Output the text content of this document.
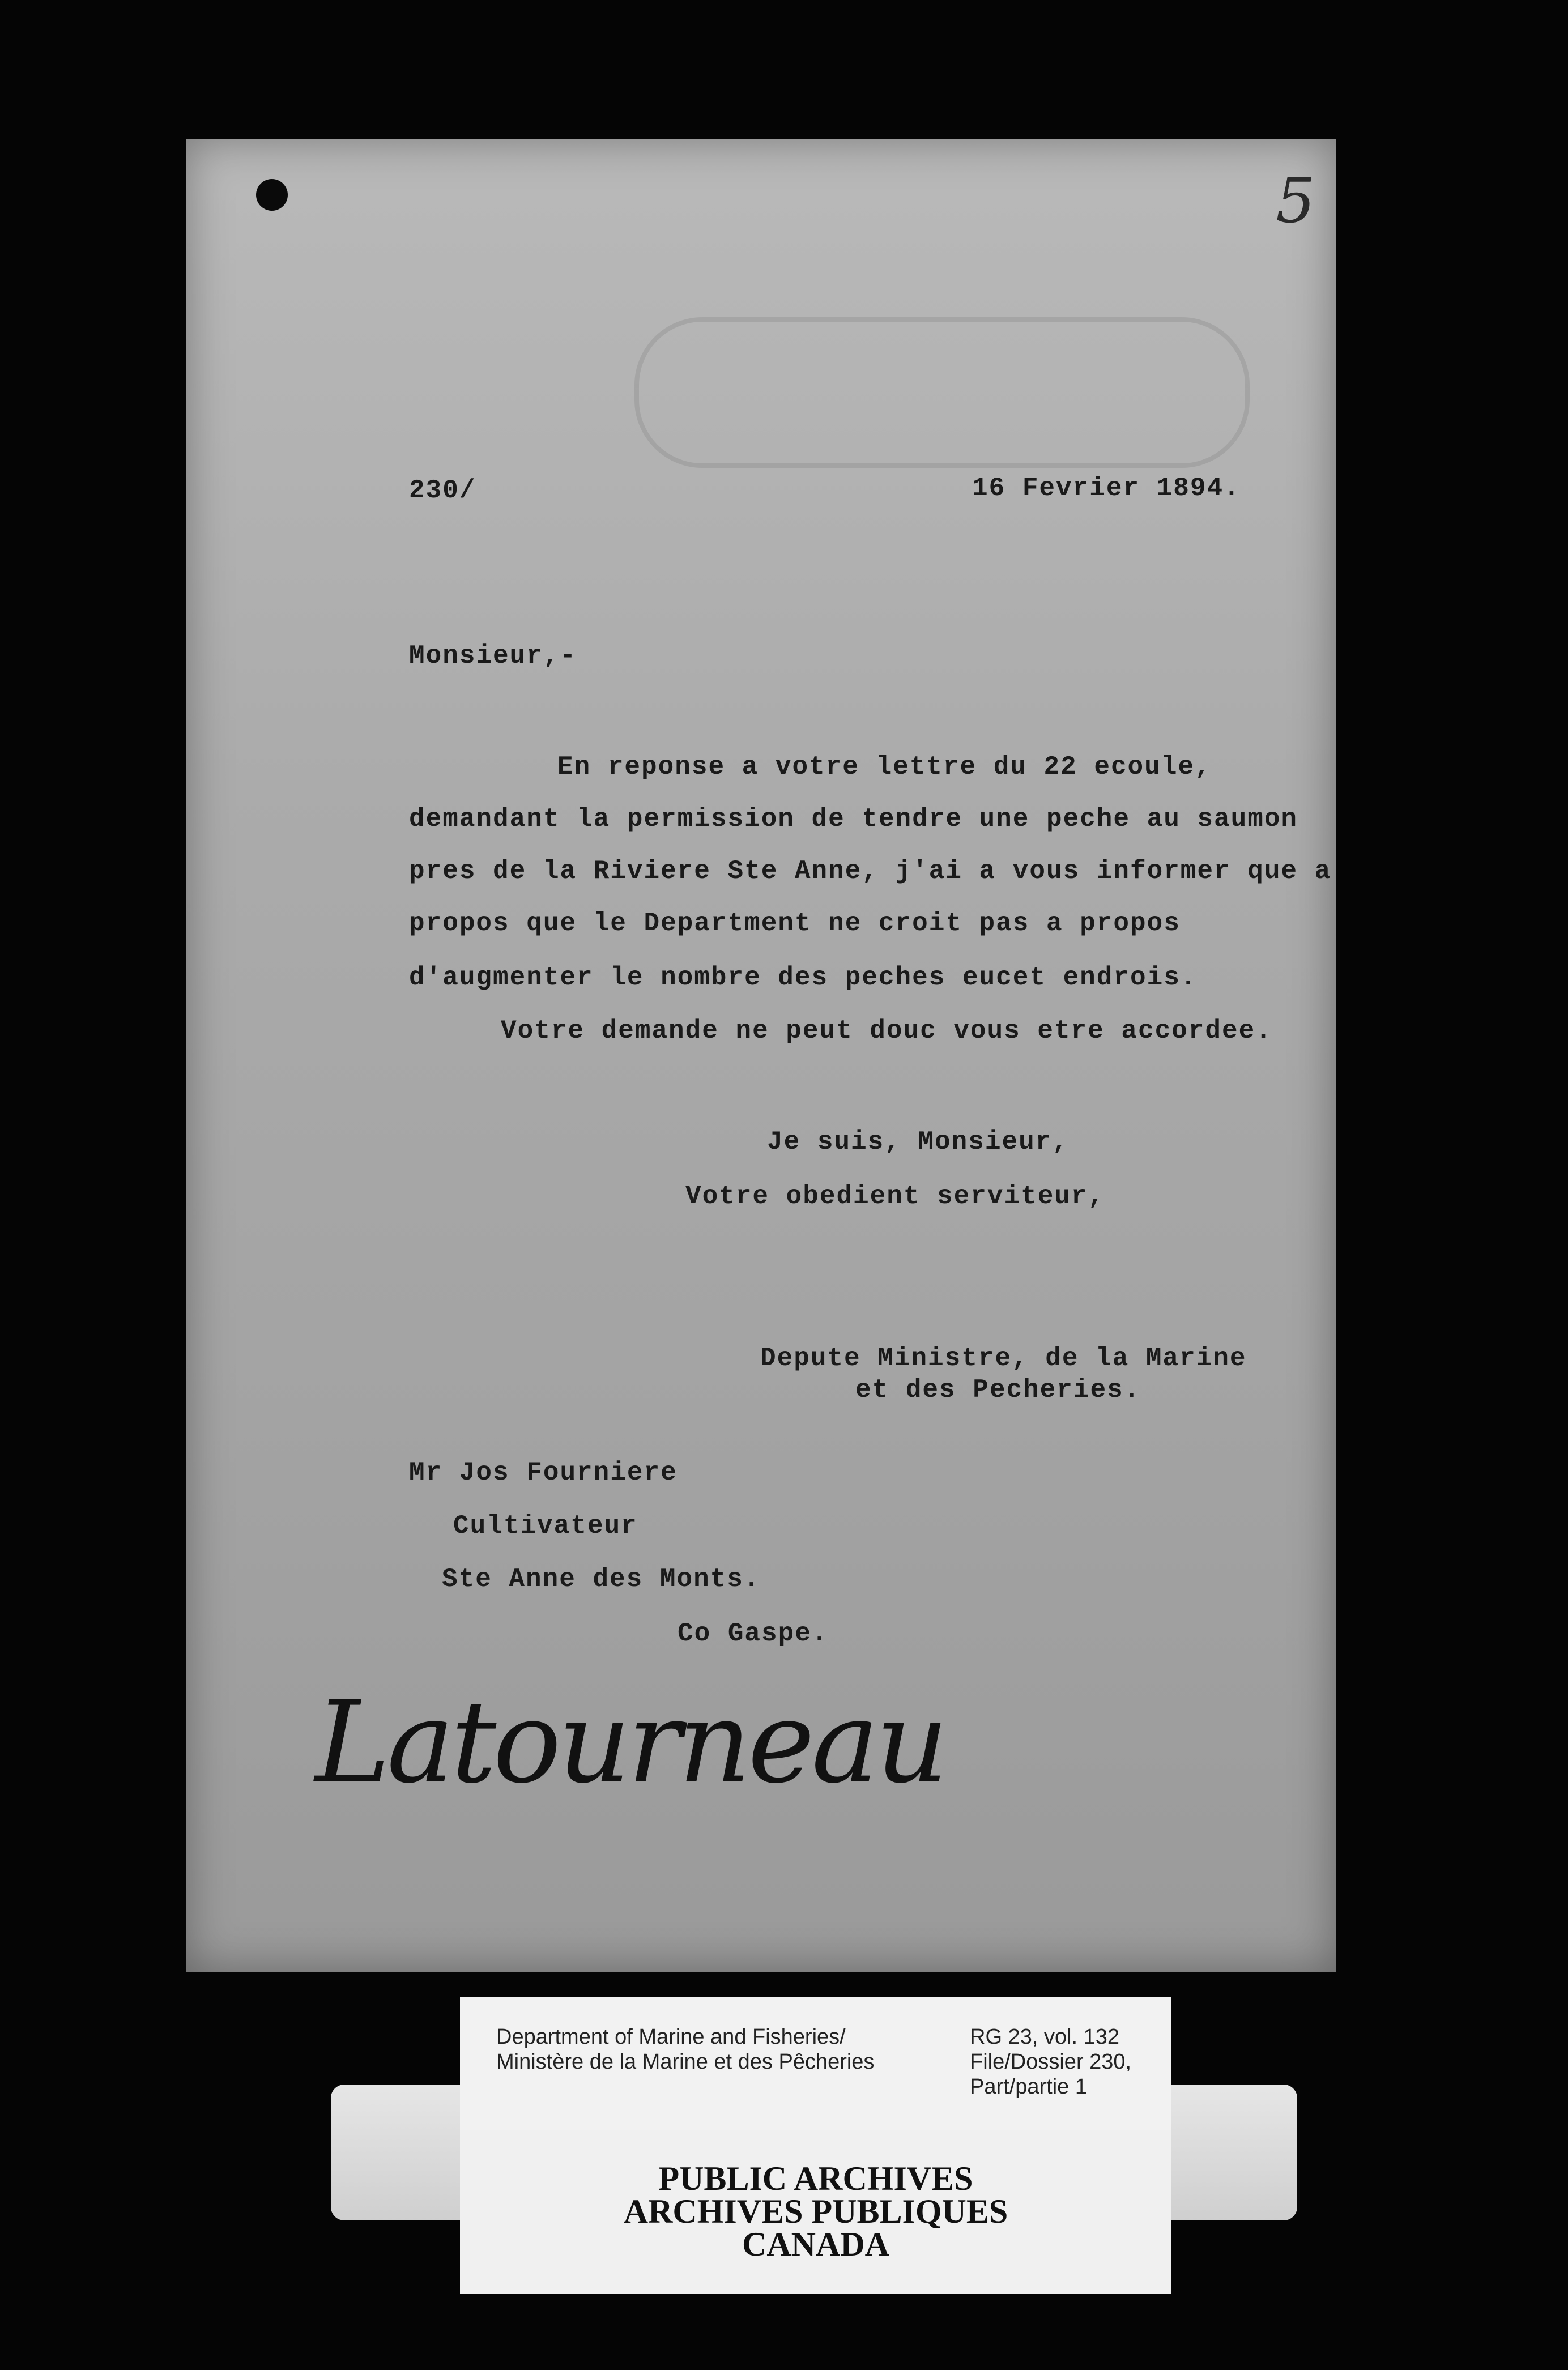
5
230/	16 Fevrier 1894.
Monsieur,-
En reponse a votre lettre du 22 ecoule,
demandant la permission de tendre une peche au saumon
pres de la Riviere Ste Anne, j'ai a vous informer que a
propos que le Department ne croit pas a propos
d'augmenter le nombre des peches eucet endrois.
Votre demande ne peut douc vous etre accordee.
Je suis, Monsieur,
Votre obedient serviteur,
Depute Ministre, de la Marine
et des Pecheries.
Mr Jos Fourniere
Cultivateur
Ste Anne des Monts.
Co Gaspe.
Latourneau
Department of Marine and Fisheries/
Ministère de la Marine et des Pêcheries
RG 23, vol. 132
File/Dossier 230,
Part/partie 1
PUBLIC ARCHIVES
ARCHIVES PUBLIQUES
CANADA
